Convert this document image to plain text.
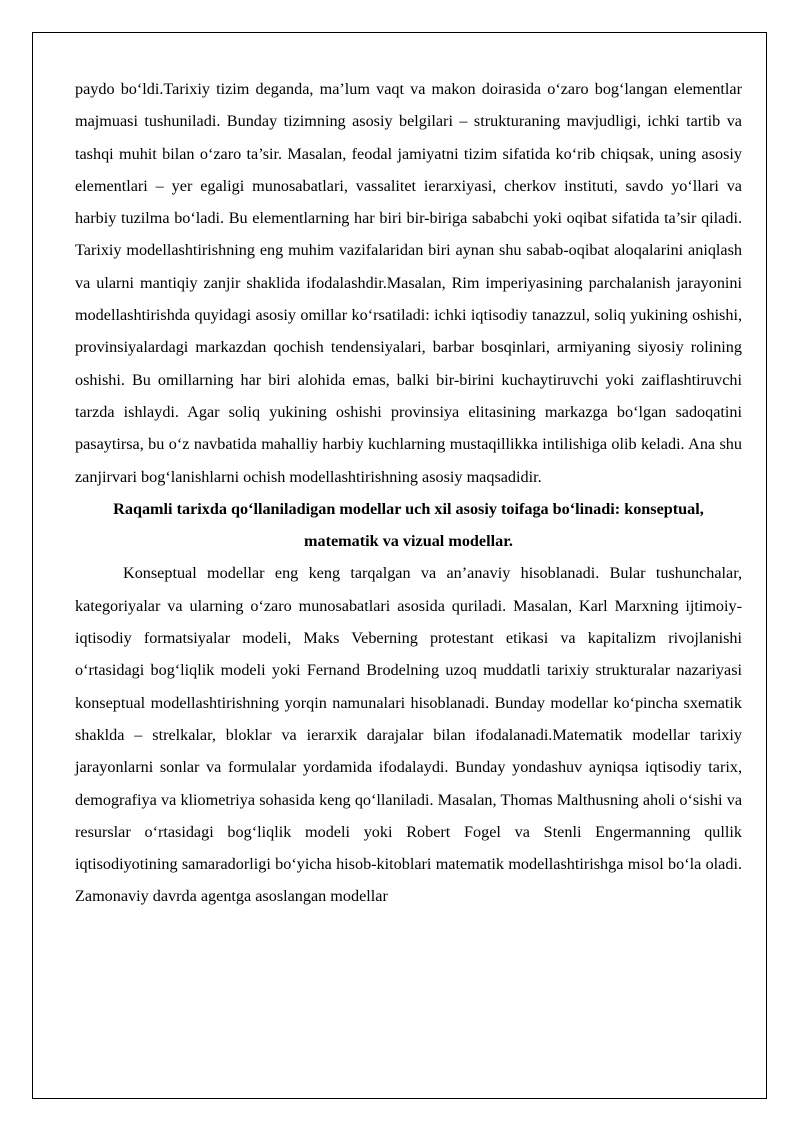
paydo bo‘ldi.Tarixiy tizim deganda, ma’lum vaqt va makon doirasida o‘zaro bog‘langan elementlar majmuasi tushuniladi. Bunday tizimning asosiy belgilari – strukturaning mavjudligi, ichki tartib va tashqi muhit bilan o‘zaro ta’sir. Masalan, feodal jamiyatni tizim sifatida ko‘rib chiqsak, uning asosiy elementlari – yer egaligi munosabatlari, vassalitet ierarxiyasi, cherkov instituti, savdo yo‘llari va harbiy tuzilma bo‘ladi. Bu elementlarning har biri bir-biriga sababchi yoki oqibat sifatida ta’sir qiladi. Tarixiy modellashtirishning eng muhim vazifalaridan biri aynan shu sabab-oqibat aloqalarini aniqlash va ularni mantiqiy zanjir shaklida ifodalashdir.Masalan, Rim imperiyasining parchalanish jarayonini modellashtirishda quyidagi asosiy omillar ko‘rsatiladi: ichki iqtisodiy tanazzul, soliq yukining oshishi, provinsiyalardagi markazdan qochish tendensiyalari, barbar bosqinlari, armiyaning siyosiy rolining oshishi. Bu omillarning har biri alohida emas, balki bir-birini kuchaytiruvchi yoki zaiflashtiruvchi tarzda ishlaydi. Agar soliq yukining oshishi provinsiya elitasining markazga bo‘lgan sadoqatini pasaytirsa, bu o‘z navbatida mahalliy harbiy kuchlarning mustaqillikka intilishiga olib keladi. Ana shu zanjirvari bog‘lanishlarni ochish modellashtirishning asosiy maqsadidir.

Raqamli tarixda qo‘llaniladigan modellar uch xil asosiy toifaga bo‘linadi: konseptual, matematik va vizual modellar.

Konseptual modellar eng keng tarqalgan va an’anaviy hisoblanadi. Bular tushunchalar, kategoriyalar va ularning o‘zaro munosabatlari asosida quriladi. Masalan, Karl Marxning ijtimoiy-iqtisodiy formatsiyalar modeli, Maks Veberning protestant etikasi va kapitalizm rivojlanishi o‘rtasidagi bog‘liqlik modeli yoki Fernand Brodelning uzoq muddatli tarixiy strukturalar nazariyasi konseptual modellashtirishning yorqin namunalari hisoblanadi. Bunday modellar ko‘pincha sxematik shaklda – strelkalar, bloklar va ierarxik darajalar bilan ifodalanadi.Matematik modellar tarixiy jarayonlarni sonlar va formulalar yordamida ifodalaydi. Bunday yondashuv ayniqsa iqtisodiy tarix, demografiya va kliometriya sohasida keng qo‘llaniladi. Masalan, Thomas Malthusning aholi o‘sishi va resurslar o‘rtasidagi bog‘liqlik modeli yoki Robert Fogel va Stenli Engermanning qullik iqtisodiyotining samaradorligi bo‘yicha hisob-kitoblari matematik modellashtirishga misol bo‘la oladi. Zamonaviy davrda agentga asoslangan modellar
